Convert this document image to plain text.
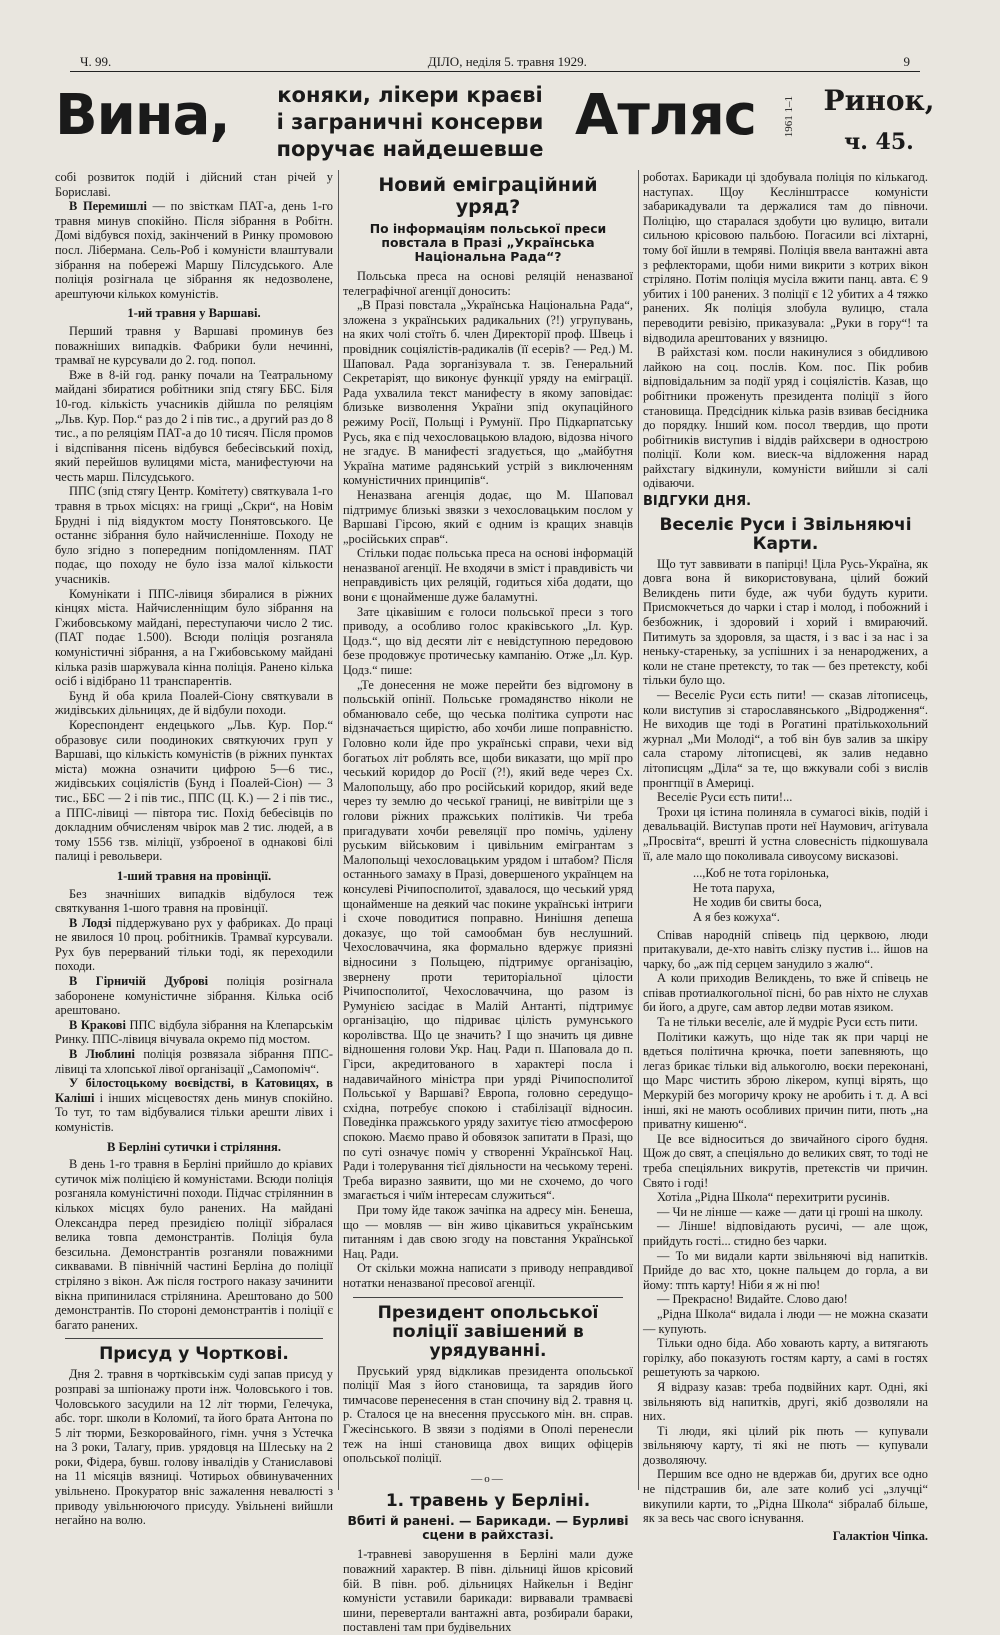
Ч. 99.	ДІЛО, неділя 5. травня 1929.	9
Вина,	коняки, лікери краєві
і заграничні консерви
поручає найдешевше
Атляс 1961 1–1 Ринок,
ч. 45.

собі розвиток подій і дійсний стан річей у Бориславі.

В Перемишлі — по звісткам ПАТ-а, день 1-го травня минув спокійно. Після зібрання в Робітн. Домі відбувся похід, закінчений в Ринку промовою посл. Лібермана. Сель-Роб і комуністи влаштували зібрання на побережі Маршу Пілсудського. Але поліція розігнала це зібрання як недозволене, арештуючи кількох комуністів.

1-ий травня у Варшаві.

Перший травня у Варшаві проминув без поважніших випадків. Фабрики були нечинні, трамваї не курсували до 2. год. попол.

Вже в 8-ій год. ранку почали на Театральному майдані збиратися робітники зпід стягу ББС. Біля 10-год. кількість учасників дійшла по реляціям „Льв. Кур. Пор.“ раз до 2 і пів тис., а другий раз до 8 тис., а по реляціям ПАТ-а до 10 тисяч. Після промов і відспівання пісень відбувся бебесівський похід, який перейшов вулицями міста, манифестуючи на честь марш. Пілсудського.

ППС (зпід стягу Центр. Комітету) святкувала 1-го травня в трьох місцях: на грищі „Скри“, на Новім Бруднi і під віядуктом мосту Понятовського. Це останнє зібрання було найчисленніше. Походу не було згідно з попередним попідомленням. ПАТ подає, що походу не було ізза малої кількости учасників.

Комунікати і ППС-лівиця збиралися в ріжних кінцях міста. Найчисленніщим було зібрання на Гжибовському майдані, переступаючи число 2 тис. (ПАТ подає 1.500). Всюди поліція розганяла комуністичні зібрання, а на Гжибовському майдані кілька разів шаржувала кінна поліція. Ранено кілька осіб і відібрано 11 транспарентів.

Бунд й оба крила Поалей-Сіону святкували в жидівських дільницях, де й відбули походи.

Кореспондент ендецького „Льв. Кур. Пор.“ образовує сили поодиноких святкуючих груп у Варшаві, що кількість комуністів (в ріжних пунктах міста) можна означити цифрою 5—6 тис., жидівських соціялістів (Бунд і Поалей-Сіон) — 3 тис., ББС — 2 і пів тис., ППС (Ц. К.) — 2 і пів тис., а ППС-лівиці — півтора тис. Похід бебесівців по докладним обчисленям чвірок мав 2 тис. людей, а в тому 1556 тзв. міліції, узброеної в однакові білі палиці і револьвери.

1-ший травня на провінції.

Без значніших випадків відбулося теж святкування 1-шого травня на провінції.

В Лодзі піддержувано рух у фабриках. До праці не явилося 10 проц. робітників. Трамваї курсували. Рух був перерваний тільки тоді, як переходили походи.

В Гірничій Дуброві поліція розігнала заборонене комуністичне зібрання. Кілька осіб арештовано.

В Кракові ППС відбула зібрання на Клепарськім Ринку. ППС-лівиця вічувала окремо під мостом.

В Люблині поліція розвязала зібрання ППС-лівиці та хлопської лівої організації „Самопоміч“.

У білостоцькому воєвідстві, в Катовицях, в Каліші і інших місцевостях день минув спокійно. То тут, то там відбувалися тільки арешти лівих і комуністів.

В Берліні сутички і стріляння.

В день 1-го травня в Берліні прийшло до кріавих сутичок між поліцією й комуністами. Всюди поліція розганяла комуністичні походи. Підчас стріляннин в кількох місцях було ранених. На майдані Олександра перед президією поліції зібралася велика товпа демонстрантів. Поліція була безсильна. Демонстрантів розганяли поважними сиквавами. В північній частині Берліна до поліції стріляно з вікон. Аж після гострого наказу зачинити вікна припинилася стрілянина. Арештовано до 500 демонстрантів. По стороні демонстрантів і поліції є багато ранених.

Присуд у Чорткові.

Дня 2. травня в чортківськім суді запав присуд у розправі за шпіонажу проти інж. Чоловського і тов. Чоловського засудили на 12 літ тюрми, Гелечука, абс. торг. школи в Коломиї, та його брата Антона по 5 літ тюрми, Безкоровайного, гімн. учня з Устечка на 3 роки, Талагу, прив. урядовця на Шлеську на 2 роки, Фідера, бувш. голову інвалідів у Станиславові на 11 місяців вязниці. Чотирьох обвинуваченних увільнено. Прокуратор вніс зажалення невалюсті з приводу увільнюючого присуду. Увільнені вийшли негайно на волю.

Новий еміграційний уряд?
По інформаціям польської преси повстала в Празі „Українська Національна Рада“?

Польська преса на основі реляцій неназваної телеграфічної агенції доносить:

„В Празі повстала „Українська Національна Рада“, зложена з українських радикальних (?!) угрупувань, на яких чолі стоїть б. член Директорії проф. Швець і провідник соціялістів-радикалів (її есерів? — Ред.) М. Шаповал. Рада зорганізувала т. зв. Генеральний Секретаріят, що виконує функції уряду на еміграції. Рада ухвалила текст манифесту в якому заповідає: близьке визволення України зпід окупаційного режиму Росії, Польщі і Румунії. Про Підкарпатську Русь, яка є під чехословацькою владою, відозва нічого не згадує. В манифесті згадується, що „майбутня Україна матиме радянський устрій з виключенням комуністичних принципів“.

Неназвана агенція додає, що М. Шаповал підтримує близькі звязки з чехословацьким послом у Варшаві Гірсою, який є одним із кращих знавців „російських справ“.

Стільки подає польська преса на основі інформацій неназваної агенції. Не входячи в зміст і правдивість чи неправдивість цих реляцій, годиться хіба додати, що вони є щонайменше дуже баламутні.

Зате цікавішим є голоси польської преси з того приводу, а особливо голос краківського „Іл. Кур. Цодз.“, що від десяти літ є невідступною передовою безе продовжує протичеську кампанію. Отже „Іл. Кур. Цодз.“ пише:

„Те донесення не може перейти без відгомону в польській опінії. Польське громадянство ніколи не обманювало себе, що чеська політика супроти нас відзначається щирістю, або хочби лише поправністю. Головно коли йде про українські справи, чехи від богатьох літ роблять все, щоби виказати, що мрії про чеський коридор до Росії (?!), який веде через Сх. Малопольщу, або про російський коридор, який веде через ту землю до чеської границі, не вивітріли ще з голови ріжних пражських політиків. Чи треба пригадувати хочби ревеляції про помічь, уділену руським військовим і цивільним емігрантам з Малопольщі чехословацьким урядом і штабом? Після останнього замаху в Празі, довершеного українцем на консулеві Річипосполитої, здавалося, що чеський уряд щонайменше на деякий час покине українські інтриги і схоче поводитися поправно. Нинішня депеша доказує, що той самообман був неслушний. Чехословаччина, яка формально вдержує приязні відносини з Польщею, підтримує організацію, звернену проти територіальної цілости Річипосполитої, Чехословаччина, що разом із Румунією засідає в Малій Антанті, підтримує організацію, що підриває цілість румунського королівства. Що це значить? І що значить ця дивне відношення голови Укр. Нац. Ради п. Шаповала до п. Гірси, акредитованого в характері посла і надавичайного міністра при уряді Річипосполитої Польської у Варшаві? Европа, головно середущо-східна, потребує спокою і стабілізації відносин. Поведінка пражського уряду захитує тією атмосферою спокою. Маємо право й обовязок запитати в Празі, що по суті означує поміч у створенні Української Нац. Ради і толерування тієї діяльности на чеському терені. Треба виразно заявити, що ми не схочемо, до чого змагається і чиїм інтересам служиться“.

При тому йде також зачіпка на адресу мін. Бенеша, що — мовляв — він живо цікавиться українським питанням і дав свою згоду на повстання Української Нац. Ради.

От скільки можна написати з приводу неправдивої нотатки неназваної пресової агенції.

Президент опольської поліції завішений в урядуванні.

Пруський уряд відкликав президента опольської поліції Мая з його становища, та зарядив його тимчасове перенесення в стан спочину від 2. травня ц. р. Сталося це на внесення прусського мін. вн. справ. Гжесінського. В звязи з подіями в Ополі перенесли теж на інші становища двох вищих офіцерів опольської поліції.

—о—
1. травень у Берліні.
Вбиті й ранені. — Барикади. — Бурливі сцени в райхстазі.

1-травневі заворушення в Берліні мали дуже поважний характер. В півн. дільниці йшов крісовий бій. В півн. роб. дільницях Найкельн і Ведінг комуністи уставили барикади: вирвавали трамваєві шини, перевертали вантажні авта, розбирали бараки, поставлені там при будівельних

роботах. Барикади ці здобувала поліція по кількагод. наступах. Щоу Кеслінштрассе комуністи забарикадували та держалися там до півночи. Поліцію, що старалася здобути цю вулицю, витали сильною крісовою пальбою. Погасили всі ліхтарні, тому бої йшли в темряві. Поліція ввела вантажні авта з рефлекторами, щоби ними викрити з котрих вікон стріляно. Потім поліція мусіла вжити панц. авта. Є 9 убитих і 100 ранених. З поліції є 12 убитих а 4 тяжко ранених. Як поліція злобула вулицю, стала переводити ревізію, приказувала: „Руки в гору“! та відводила арештованих у вязницю.

В райхстазі ком. посли накинулися з обидливою лайкою на соц. послів. Ком. пос. Пік робив відповідальним за події уряд і соціялістів. Казав, що робітники проженуть президента поліції з його становища. Предсідник кілька разів взивав бесідника до порядку. Інший ком. посол твердив, що проти робітників виступив і віддів райхсвери в однострою поліції. Коли ком. виеск-ча відложення нарад райхстагу відкинули, комуністи вийшли зі салі одіваючи.

ВІДГУКИ ДНЯ.
Веселіє Руси і Звільняючі Карти.

Що тут заввивати в папірці! Ціла Русь-Україна, як довга вона й використовувана, цілий божий Великдень пити буде, аж чуби будуть курити. Присмокчеться до чарки і стар і молод, і побожний і безбожник, і здоровий і хорий і вмираючий. Питимуть за здоровля, за щастя, і з вас і за нас і за неньку-стареньку, за успішних і за ненароджених, а коли не стане претексту, то так — без претексту, кобі тільки було що.

— Веселіє Руси єсть пити! — сказав літописець, коли виступив зі старославянського „Відродження“. Не виходив ще тоді в Рогатині пратількохольний журнал „Ми Молоді“, а тоб він був залив за шкіру сала старому літописцеві, як залив недавно літописцям „Діла“ за те, що вжкували собі з вислів пронгпції в Америці.

Веселіє Руси єсть пити!...

Трохи ця істина полиняла в сумагосі віків, подій і девальвацій. Виступав проти неї Наумович, агітувала „Просвіта“, врешті й устна словесність підкошувала її, але мало що поколивала сивоусому висказові.

...,Коб не тота горілонька,
Не тота паруха,
Не ходив би свиты боса,
А я без кожуха“.

Співав народній співець під церквою, люди притакували, де-хто навіть слізку пустив і... йшов на чарку, бо „аж під серцем занудило з жалю“.

А коли приходив Великдень, то вже й співець не співав протиалкогольної пісні, бо рав ніхто не слухав би його, а друге, сам автор ледви мотав язиком.

Та не тільки веселіє, але й мудріє Руси єсть пити.

Політики кажуть, що ніде так як при чарці не вдеться політична крючка, поети запевняють, що легаз брикає тільки від алькоголю, воєки переконані, що Марс чистить зброю лікером, купці вірять, що Меркурій без могоричу кроку не аробить і т. д. А всі інші, які не мають особливих причин пити, пють „на приватну кишеню“.

Це все відноситься до звичайного сірого будня. Щож до свят, а спеціяльно до великих свят, то тоді не треба спеціяльних викрутів, претекстів чи причин. Свято і годі!

Хотіла „Рідна Школа“ перехитрити русинів.

— Чи не лінше — каже — дати ці гроші на школу.

— Лінше! відповідають русичі, — але щож, прийдуть гості... стидно без чарки.

— То ми видали карти звільняючі від напитків. Прийде до вас хто, цокне пальцем до горла, а ви йому: тпть карту! Ніби я ж ні пю!

— Прекрасно! Видайте. Слово даю!

„Рідна Школа“ видала і люди — не можна сказати — купують.

Тільки одно біда. Або ховають карту, а витягають горілку, або показують гостям карту, а самі в гостях решетують за чаркою.

Я відразу казав: треба подвійних карт. Одні, які звільняють від напитків, другі, якіб дозволяли на них.

Ті люди, які цілий рік пють — купували звільняючу карту, ті які не пють — купували дозволяючу.

Першим все одно не вдержав би, других все одно не підстрашив би, але зате колиб усі „злучці“ викупили карти, то „Рідна Школа“ зібралаб більше, як за весь час свого існування.

Галактіон Чіпка.
